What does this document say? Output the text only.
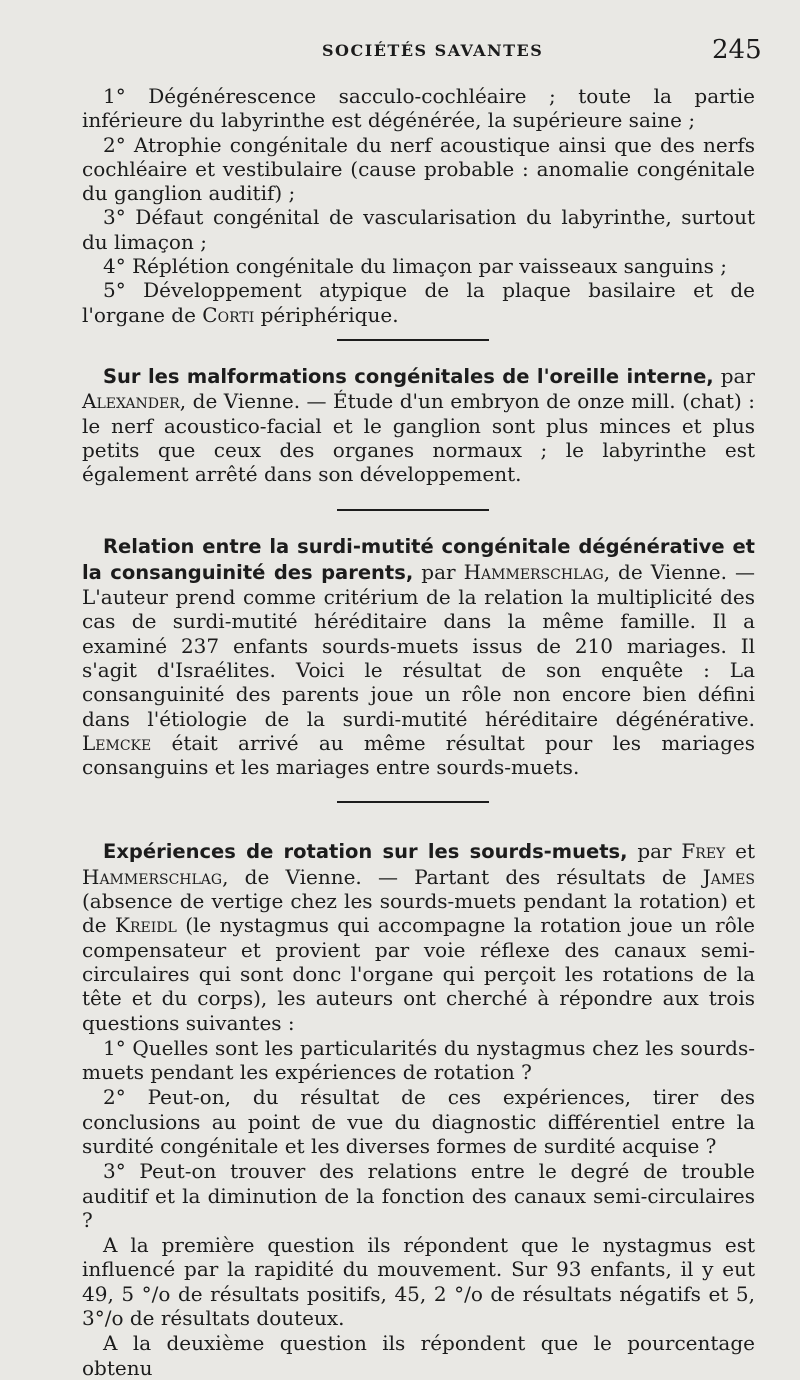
SOCIÉTÉS SAVANTES	245

1° Dégénérescence sacculo-cochléaire ; toute la partie inférieure du labyrinthe est dégénérée, la supérieure saine ;

2° Atrophie congénitale du nerf acoustique ainsi que des nerfs cochléaire et vestibulaire (cause probable : anomalie congénitale du ganglion auditif) ;

3° Défaut congénital de vascularisation du labyrinthe, surtout du limaçon ;

4° Réplétion congénitale du limaçon par vaisseaux sanguins ;

5° Développement atypique de la plaque basilaire et de l'organe de Corti périphérique.

Sur les malformations congénitales de l'oreille interne, par Alexander, de Vienne. — Étude d'un embryon de onze mill. (chat) : le nerf acoustico-facial et le ganglion sont plus minces et plus petits que ceux des organes normaux ; le labyrinthe est également arrêté dans son développement.

Relation entre la surdi-mutité congénitale dégénérative et la consanguinité des parents, par Hammerschlag, de Vienne. — L'auteur prend comme critérium de la relation la multiplicité des cas de surdi-mutité héréditaire dans la même famille. Il a examiné 237 enfants sourds-muets issus de 210 mariages. Il s'agit d'Israélites. Voici le résultat de son enquête : La consanguinité des parents joue un rôle non encore bien défini dans l'étiologie de la surdi-mutité héréditaire dégénérative. Lemcke était arrivé au même résultat pour les mariages consanguins et les mariages entre sourds-muets.

Expériences de rotation sur les sourds-muets, par Frey et Hammerschlag, de Vienne. — Partant des résultats de James (absence de vertige chez les sourds-muets pendant la rotation) et de Kreidl (le nystagmus qui accompagne la rotation joue un rôle compensateur et provient par voie réflexe des canaux semi-circulaires qui sont donc l'organe qui perçoit les rotations de la tête et du corps), les auteurs ont cherché à répondre aux trois questions suivantes :

1° Quelles sont les particularités du nystagmus chez les sourds-muets pendant les expériences de rotation ?

2° Peut-on, du résultat de ces expériences, tirer des conclusions au point de vue du diagnostic différentiel entre la surdité congénitale et les diverses formes de surdité acquise ?

3° Peut-on trouver des relations entre le degré de trouble auditif et la diminution de la fonction des canaux semi-circulaires ?

A la première question ils répondent que le nystagmus est influencé par la rapidité du mouvement. Sur 93 enfants, il y eut 49, 5 °/o de résultats positifs, 45, 2 °/o de résultats négatifs et 5, 3°/o de résultats douteux.

A la deuxième question ils répondent que le pourcentage obtenu
